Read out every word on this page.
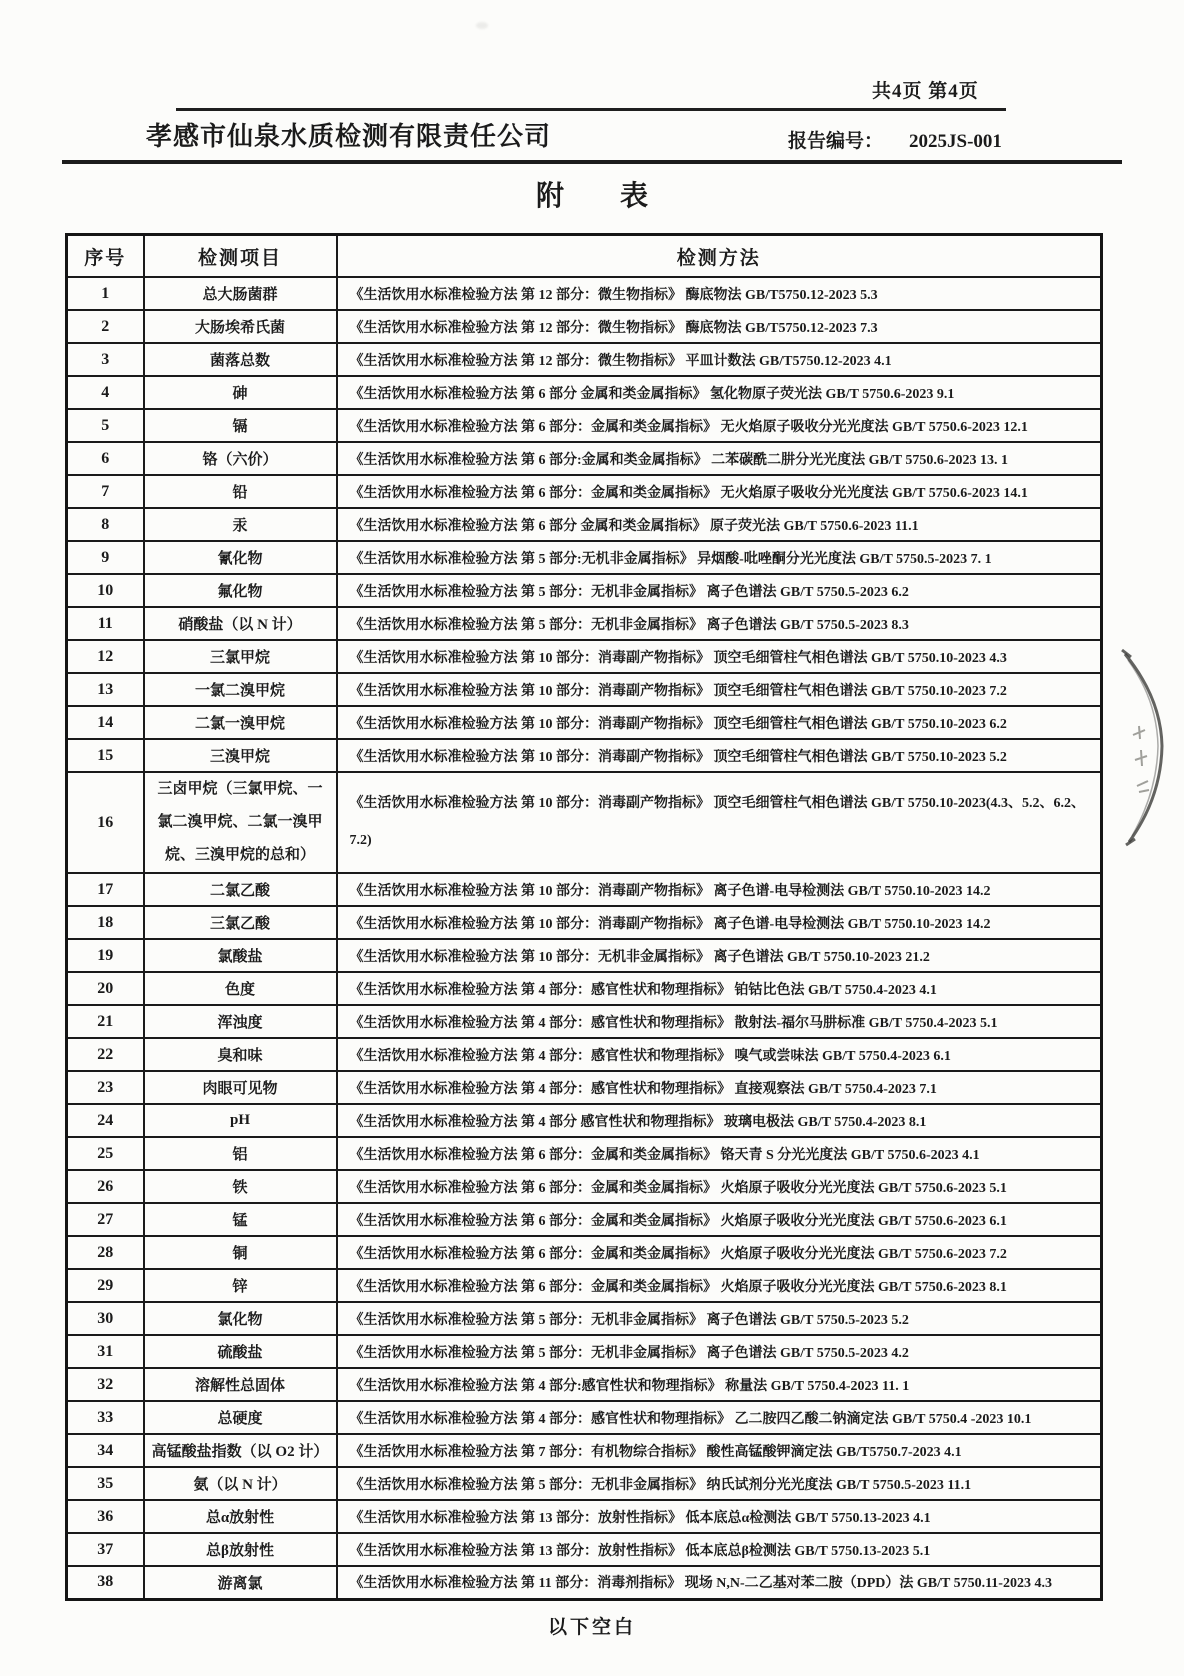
共4页 第4页
孝感市仙泉水质检测有限责任公司	报告编号： 2025JS-001
附　　表
序号	检测项目	检测方法
1	总大肠菌群	《生活饮用水标准检验方法 第 12 部分：微生物指标》 酶底物法 GB/T5750.12-2023 5.3
2	大肠埃希氏菌	《生活饮用水标准检验方法 第 12 部分：微生物指标》 酶底物法 GB/T5750.12-2023 7.3
3	菌落总数	《生活饮用水标准检验方法 第 12 部分：微生物指标》 平皿计数法 GB/T5750.12-2023 4.1
4	砷	《生活饮用水标准检验方法 第 6 部分 金属和类金属指标》 氢化物原子荧光法 GB/T 5750.6-2023 9.1
5	镉	《生活饮用水标准检验方法 第 6 部分：金属和类金属指标》 无火焰原子吸收分光光度法 GB/T 5750.6-2023 12.1
6	铬（六价）	《生活饮用水标准检验方法 第 6 部分:金属和类金属指标》 二苯碳酰二肼分光光度法 GB/T 5750.6-2023 13. 1
7	铅	《生活饮用水标准检验方法 第 6 部分：金属和类金属指标》 无火焰原子吸收分光光度法 GB/T 5750.6-2023 14.1
8	汞	《生活饮用水标准检验方法 第 6 部分 金属和类金属指标》 原子荧光法 GB/T 5750.6-2023 11.1
9	氰化物	《生活饮用水标准检验方法 第 5 部分:无机非金属指标》 异烟酸-吡唑酮分光光度法 GB/T 5750.5-2023 7. 1
10	氟化物	《生活饮用水标准检验方法 第 5 部分：无机非金属指标》 离子色谱法 GB/T 5750.5-2023 6.2
11	硝酸盐（以 N 计）	《生活饮用水标准检验方法 第 5 部分：无机非金属指标》 离子色谱法 GB/T 5750.5-2023 8.3
12	三氯甲烷	《生活饮用水标准检验方法 第 10 部分：消毒副产物指标》 顶空毛细管柱气相色谱法 GB/T 5750.10-2023 4.3
13	一氯二溴甲烷	《生活饮用水标准检验方法 第 10 部分：消毒副产物指标》 顶空毛细管柱气相色谱法 GB/T 5750.10-2023 7.2
14	二氯一溴甲烷	《生活饮用水标准检验方法 第 10 部分：消毒副产物指标》 顶空毛细管柱气相色谱法 GB/T 5750.10-2023 6.2
15	三溴甲烷	《生活饮用水标准检验方法 第 10 部分：消毒副产物指标》 顶空毛细管柱气相色谱法 GB/T 5750.10-2023 5.2
16	三卤甲烷（三氯甲烷、一氯二溴甲烷、二氯一溴甲烷、三溴甲烷的总和）	《生活饮用水标准检验方法 第 10 部分：消毒副产物指标》 顶空毛细管柱气相色谱法 GB/T 5750.10-2023(4.3、5.2、6.2、7.2)
17	二氯乙酸	《生活饮用水标准检验方法 第 10 部分：消毒副产物指标》 离子色谱-电导检测法 GB/T 5750.10-2023 14.2
18	三氯乙酸	《生活饮用水标准检验方法 第 10 部分：消毒副产物指标》 离子色谱-电导检测法 GB/T 5750.10-2023 14.2
19	氯酸盐	《生活饮用水标准检验方法 第 10 部分：无机非金属指标》 离子色谱法 GB/T 5750.10-2023 21.2
20	色度	《生活饮用水标准检验方法 第 4 部分：感官性状和物理指标》 铂钴比色法 GB/T 5750.4-2023 4.1
21	浑浊度	《生活饮用水标准检验方法 第 4 部分：感官性状和物理指标》 散射法-福尔马肼标准 GB/T 5750.4-2023 5.1
22	臭和味	《生活饮用水标准检验方法 第 4 部分：感官性状和物理指标》 嗅气或尝味法 GB/T 5750.4-2023 6.1
23	肉眼可见物	《生活饮用水标准检验方法 第 4 部分：感官性状和物理指标》 直接观察法 GB/T 5750.4-2023 7.1
24	pH	《生活饮用水标准检验方法 第 4 部分 感官性状和物理指标》 玻璃电极法 GB/T 5750.4-2023 8.1
25	铝	《生活饮用水标准检验方法 第 6 部分：金属和类金属指标》 铬天青 S 分光光度法 GB/T 5750.6-2023 4.1
26	铁	《生活饮用水标准检验方法 第 6 部分：金属和类金属指标》 火焰原子吸收分光光度法 GB/T 5750.6-2023 5.1
27	锰	《生活饮用水标准检验方法 第 6 部分：金属和类金属指标》 火焰原子吸收分光光度法 GB/T 5750.6-2023 6.1
28	铜	《生活饮用水标准检验方法 第 6 部分：金属和类金属指标》 火焰原子吸收分光光度法 GB/T 5750.6-2023 7.2
29	锌	《生活饮用水标准检验方法 第 6 部分：金属和类金属指标》 火焰原子吸收分光光度法 GB/T 5750.6-2023 8.1
30	氯化物	《生活饮用水标准检验方法 第 5 部分：无机非金属指标》 离子色谱法 GB/T 5750.5-2023 5.2
31	硫酸盐	《生活饮用水标准检验方法 第 5 部分：无机非金属指标》 离子色谱法 GB/T 5750.5-2023 4.2
32	溶解性总固体	《生活饮用水标准检验方法 第 4 部分:感官性状和物理指标》 称量法 GB/T 5750.4-2023 11. 1
33	总硬度	《生活饮用水标准检验方法 第 4 部分：感官性状和物理指标》 乙二胺四乙酸二钠滴定法 GB/T 5750.4 -2023 10.1
34	高锰酸盐指数（以 O2 计）	《生活饮用水标准检验方法 第 7 部分：有机物综合指标》 酸性高锰酸钾滴定法 GB/T5750.7-2023 4.1
35	氨（以 N 计）	《生活饮用水标准检验方法 第 5 部分：无机非金属指标》 纳氏试剂分光光度法 GB/T 5750.5-2023 11.1
36	总α放射性	《生活饮用水标准检验方法 第 13 部分：放射性指标》 低本底总α检测法 GB/T 5750.13-2023 4.1
37	总β放射性	《生活饮用水标准检验方法 第 13 部分：放射性指标》 低本底总β检测法 GB/T 5750.13-2023 5.1
38	游离氯	《生活饮用水标准检验方法 第 11 部分：消毒剂指标》 现场 N,N-二乙基对苯二胺（DPD）法 GB/T 5750.11-2023 4.3
以下空白
